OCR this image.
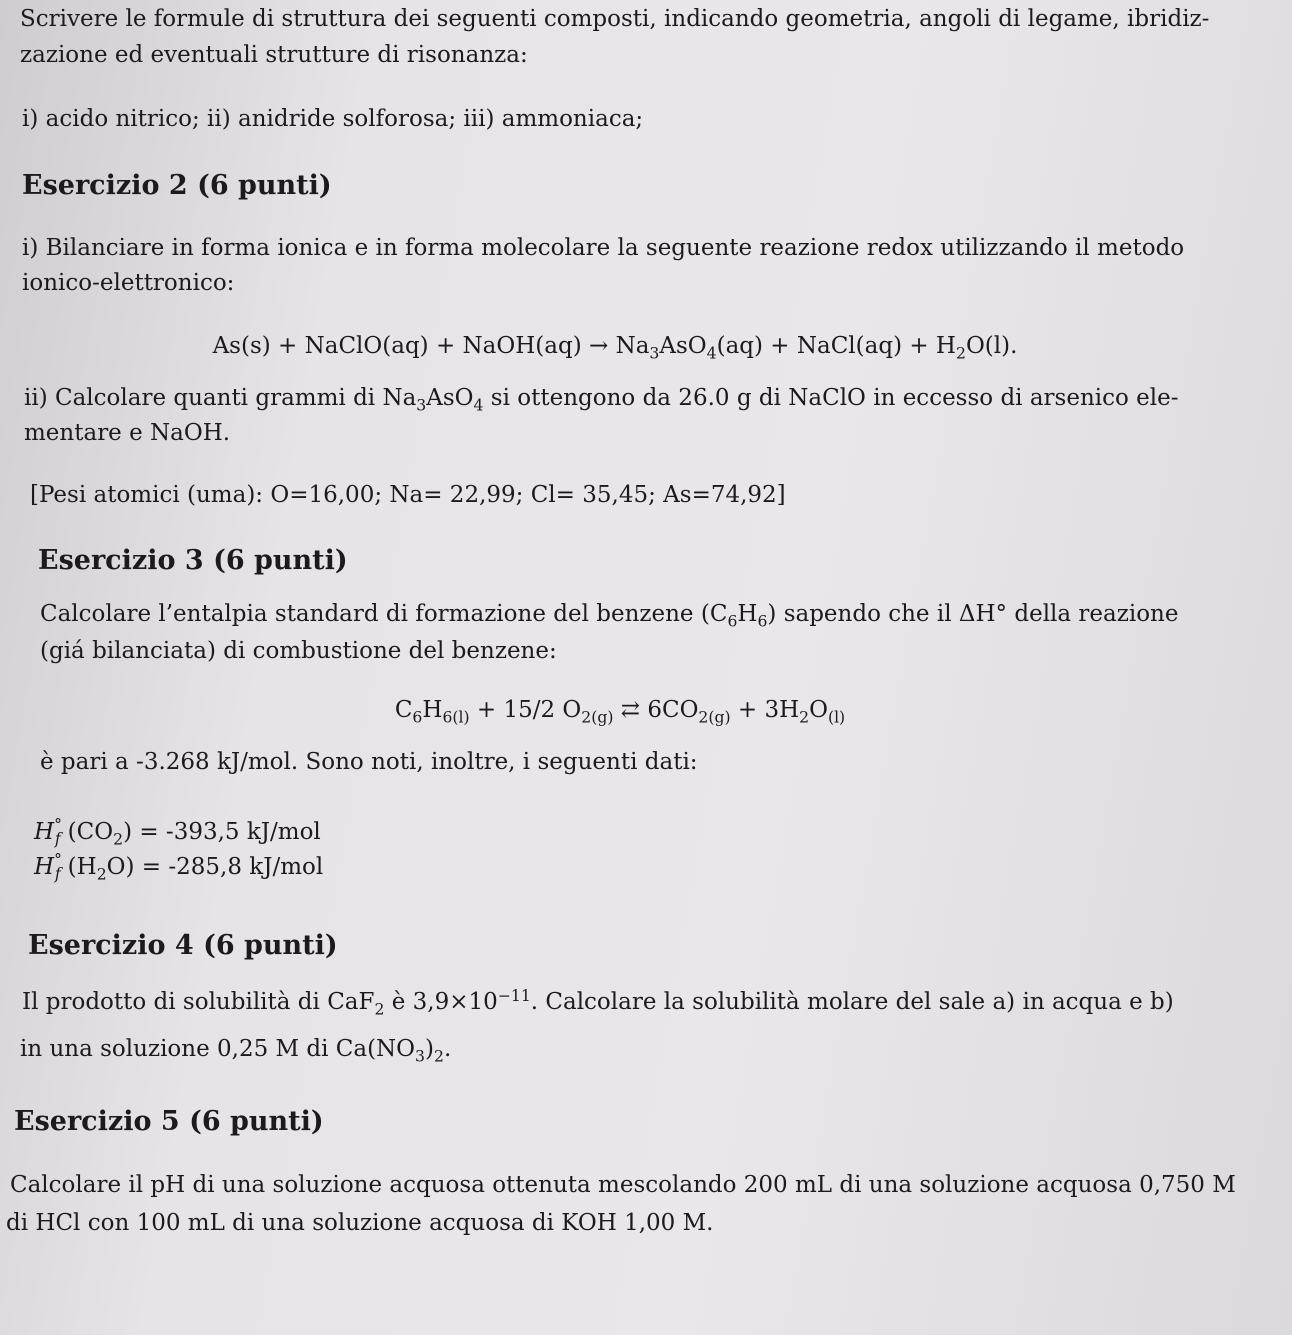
Scrivere le formule di struttura dei seguenti composti, indicando geometria, angoli di legame, ibridiz-
zazione ed eventuali strutture di risonanza:
i) acido nitrico; ii) anidride solforosa; iii) ammoniaca;
Esercizio 2 (6 punti)
i) Bilanciare in forma ionica e in forma molecolare la seguente reazione redox utilizzando il metodo
ionico-elettronico:
As(s) + NaClO(aq) + NaOH(aq) → $Na_3AsO_4(aq)$ + NaCl(aq) + $H_2O(l)$.
ii) Calcolare quanti grammi di $Na_3AsO_4$ si ottengono da 26.0 g di NaClO in eccesso di arsenico ele-
mentare e NaOH.
[Pesi atomici (uma): O=16,00; Na= 22,99; Cl= 35,45; As=74,92]
Esercizio 3 (6 punti)
Calcolare l’entalpia standard di formazione del benzene $(C_6H_6)$ sapendo che il ΔH° della reazione
(giá bilanciata) di combustione del benzene:
$C_6H_{6(l)} + 15/2$ $O_{2(g)}$ ⇄ $6CO_{2(g)} + 3H_2O_{(l)}$
è pari a -3.268 kJ/mol. Sono noti, inoltre, i seguenti dati:
$H^\circ_f$ $(CO_2) = -393,5$ kJ/mol
$H^\circ_f$ $(H_2O) = -285,8$ kJ/mol
Esercizio 4 (6 punti)
Il prodotto di solubilità di CaF$_2$ è $3,9\times 10^{-11}$. Calcolare la solubilità molare del sale a) in acqua e b)
in una soluzione 0,25 M di $Ca(NO_3)_2$.
Esercizio 5 (6 punti)
Calcolare il pH di una soluzione acquosa ottenuta mescolando 200 mL di una soluzione acquosa 0,750 M
di HCl con 100 mL di una soluzione acquosa di KOH 1,00 M.
